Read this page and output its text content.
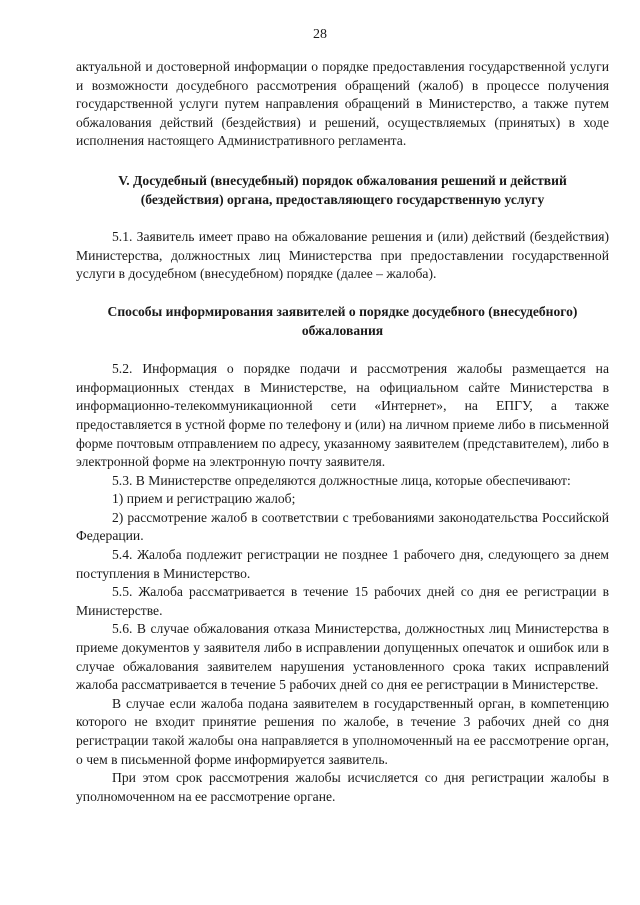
28

актуальной и достоверной информации о порядке предоставления государственной услуги и возможности досудебного рассмотрения обращений (жалоб) в процессе получения государственной услуги путем направления обращений в Министерство, а также путем обжалования действий (бездействия) и решений, осуществляемых (принятых) в ходе исполнения настоящего Административного регламента.

V. Досудебный (внесудебный) порядок обжалования решений и действий (бездействия) органа, предоставляющего государственную услугу

5.1. Заявитель имеет право на обжалование решения и (или) действий (бездействия) Министерства, должностных лиц Министерства при предоставлении государственной услуги в досудебном (внесудебном) порядке (далее – жалоба).

Способы информирования заявителей о порядке досудебного (внесудебного) обжалования

5.2. Информация о порядке подачи и рассмотрения жалобы размещается на информационных стендах в Министерстве, на официальном сайте Министерства в информационно-телекоммуникационной сети «Интернет», на ЕПГУ, а также предоставляется в устной форме по телефону и (или) на личном приеме либо в письменной форме почтовым отправлением по адресу, указанному заявителем (представителем), либо в электронной форме на электронную почту заявителя.

5.3. В Министерстве определяются должностные лица, которые обеспечивают:

1) прием и регистрацию жалоб;

2) рассмотрение жалоб в соответствии с требованиями законодательства Российской Федерации.

5.4. Жалоба подлежит регистрации не позднее 1 рабочего дня, следующего за днем поступления в Министерство.

5.5. Жалоба рассматривается в течение 15 рабочих дней со дня ее регистрации в Министерстве.

5.6. В случае обжалования отказа Министерства, должностных лиц Министерства в приеме документов у заявителя либо в исправлении допущенных опечаток и ошибок или в случае обжалования заявителем нарушения установленного срока таких исправлений жалоба рассматривается в течение 5 рабочих дней со дня ее регистрации в Министерстве.

В случае если жалоба подана заявителем в государственный орган, в компетенцию которого не входит принятие решения по жалобе, в течение 3 рабочих дней со дня регистрации такой жалобы она направляется в уполномоченный на ее рассмотрение орган, о чем в письменной форме информируется заявитель.

При этом срок рассмотрения жалобы исчисляется со дня регистрации жалобы в уполномоченном на ее рассмотрение органе.
